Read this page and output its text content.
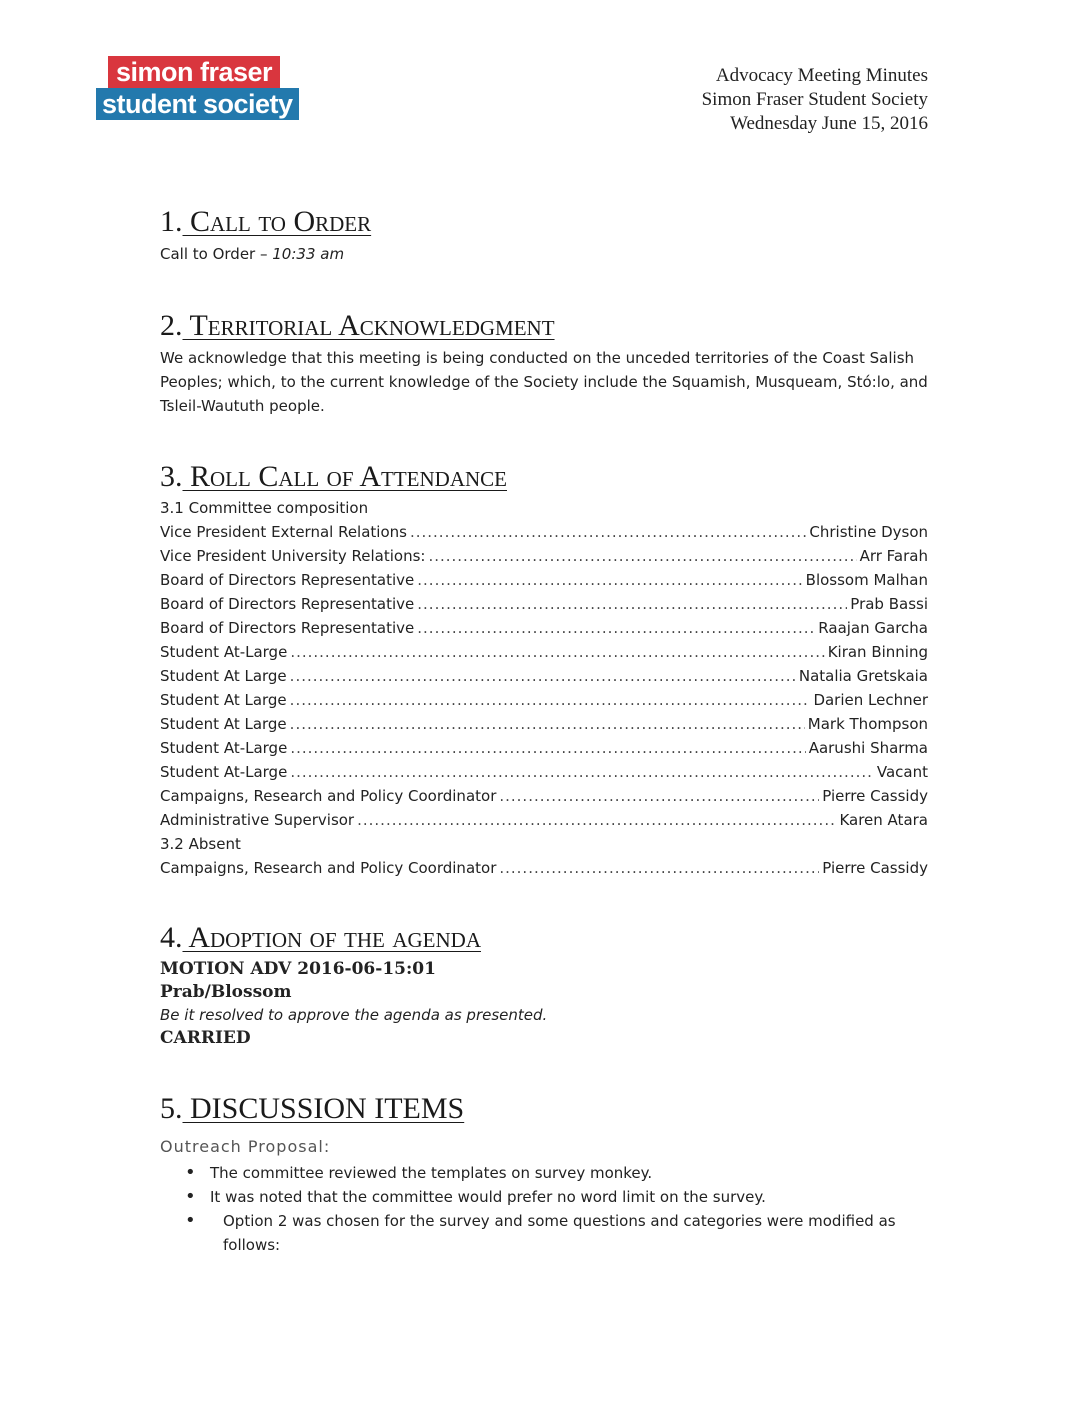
simon fraser
student society
Advocacy Meeting Minutes
Simon Fraser Student Society
Wednesday June 15, 2016
1. Call to Order
Call to Order – 10:33 am
2. Territorial Acknowledgment
We acknowledge that this meeting is being conducted on the unceded territories of the Coast Salish Peoples; which, to the current knowledge of the Society include the Squamish, Musqueam, Stó:lo, and Tsleil-Waututh people.
3. Roll Call of Attendance
3.1 Committee composition
Vice President External Relations .....	Christine Dyson
Vice President University Relations: .....	Arr Farah
Board of Directors Representative .....	Blossom Malhan
Board of Directors Representative .....	Prab Bassi
Board of Directors Representative .....	Raajan Garcha
Student At-Large .....	Kiran Binning
Student At Large .....	Natalia Gretskaia
Student At Large .....	Darien Lechner
Student At Large .....	Mark Thompson
Student At-Large .....	Aarushi Sharma
Student At-Large .....	Vacant
Campaigns, Research and Policy Coordinator .....	Pierre Cassidy
Administrative Supervisor .....	Karen Atara
3.2 Absent
Campaigns, Research and Policy Coordinator .....	Pierre Cassidy
4. Adoption of the agenda
MOTION ADV 2016-06-15:01
Prab/Blossom
Be it resolved to approve the agenda as presented.
CARRIED
5. DISCUSSION ITEMS
Outreach Proposal:
• The committee reviewed the templates on survey monkey.
• It was noted that the committee would prefer no word limit on the survey.
• Option 2 was chosen for the survey and some questions and categories were modified as follows:
